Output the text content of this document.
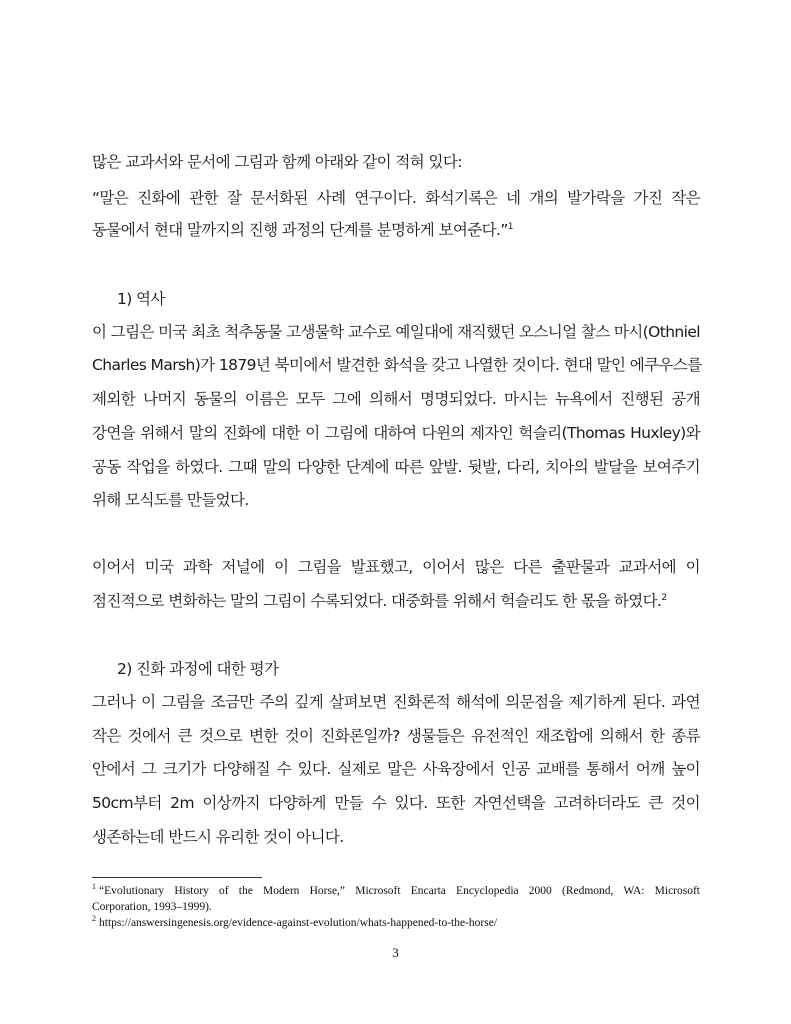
많은 교과서와 문서에 그림과 함께 아래와 같이 적혀 있다:
“말은 진화에 관한 잘 문서화된 사례 연구이다. 화석기록은 네 개의 발가락을 가진 작은
동물에서 현대 말까지의 진행 과정의 단계를 분명하게 보여준다.”$^1$
1) 역사
이 그림은 미국 최초 척추동물 고생물학 교수로 예일대에 재직했던 오스니얼 찰스 마시(Othniel
Charles Marsh)가 1879년 북미에서 발견한 화석을 갖고 나열한 것이다. 현대 말인 에쿠우스를
제외한 나머지 동물의 이름은 모두 그에 의해서 명명되었다. 마시는 뉴욕에서 진행된 공개
강연을 위해서 말의 진화에 대한 이 그림에 대하여 다윈의 제자인 헉슬리(Thomas Huxley)와
공동 작업을 하였다. 그때 말의 다양한 단계에 따른 앞발. 뒷발, 다리, 치아의 발달을 보여주기
위해 모식도를 만들었다.
이어서 미국 과학 저널에 이 그림을 발표했고, 이어서 많은 다른 출판물과 교과서에 이
점진적으로 변화하는 말의 그림이 수록되었다. 대중화를 위해서 헉슬리도 한 몫을 하였다.$^2$
2) 진화 과정에 대한 평가
그러나 이 그림을 조금만 주의 깊게 살펴보면 진화론적 해석에 의문점을 제기하게 된다. 과연
작은 것에서 큰 것으로 변한 것이 진화론일까? 생물들은 유전적인 재조합에 의해서 한 종류
안에서 그 크기가 다양해질 수 있다. 실제로 말은 사육장에서 인공 교배를 통해서 어깨 높이
50cm부터 2m 이상까지 다양하게 만들 수 있다. 또한 자연선택을 고려하더라도 큰 것이
생존하는데 반드시 유리한 것이 아니다.
$^1$ “Evolutionary History of the Modern Horse,” Microsoft Encarta Encyclopedia 2000 (Redmond, WA: Microsoft
Corporation, 1993–1999).
$^2$ https://answersingenesis.org/evidence-against-evolution/whats-happened-to-the-horse/
3
